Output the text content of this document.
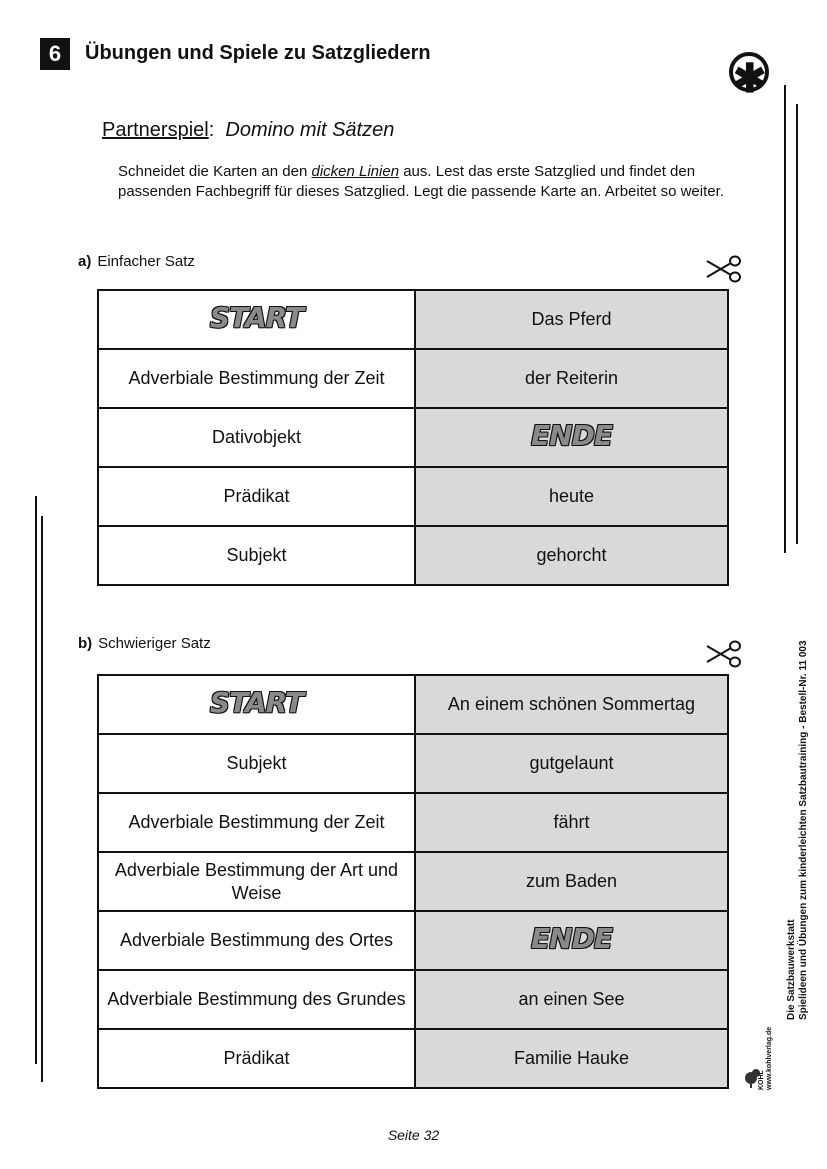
6	Übungen und Spiele zu Satzgliedern
✱
Partnerspiel: Domino mit Sätzen
Schneidet die Karten an den dicken Linien aus. Lest das erste Satzglied und findet den passenden Fachbegriff für dieses Satzglied. Legt die passende Karte an. Arbeitet so weiter.
a) Einfacher Satz
START	Das Pferd
Adverbiale Bestimmung der Zeit	der Reiterin
Dativobjekt	ENDE
Prädikat	heute
Subjekt	gehorcht
b) Schwieriger Satz
START	An einem schönen Sommertag
Subjekt	gutgelaunt
Adverbiale Bestimmung der Zeit	fährt
Adverbiale Bestimmung der Art und Weise	zum Baden
Adverbiale Bestimmung des Ortes	ENDE
Adverbiale Bestimmung des Grundes	an einen See
Prädikat	Familie Hauke
Seite 32
Die Satzbauwerkstatt Spielideen und Übungen zum kinderleichten Satzbautraining - Bestell-Nr. 11 003
KOHL www.kohlverlag.de
